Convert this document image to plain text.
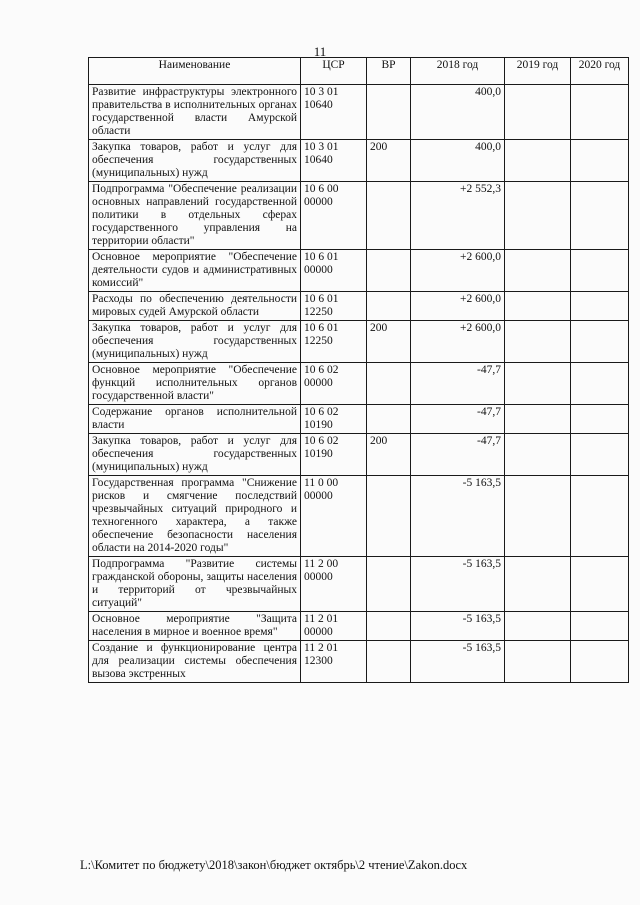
11
Наименование	ЦСР	ВР	2018 год	2019 год	2020 год
Развитие инфраструктуры электронного правительства в исполнительных органах государственной власти Амурской области	10 3 01 10640		400,0		
Закупка товаров, работ и услуг для обеспечения государственных (муниципальных) нужд	10 3 01 10640	200	400,0		
Подпрограмма "Обеспечение реализации основных направлений государственной политики в отдельных сферах государственного управления на территории области"	10 6 00 00000		+2 552,3		
Основное мероприятие "Обеспечение деятельности судов и административных комиссий"	10 6 01 00000		+2 600,0		
Расходы по обеспечению деятельности мировых судей Амурской области	10 6 01 12250		+2 600,0		
Закупка товаров, работ и услуг для обеспечения государственных (муниципальных) нужд	10 6 01 12250	200	+2 600,0		
Основное мероприятие "Обеспечение функций исполнительных органов государственной власти"	10 6 02 00000		-47,7		
Содержание органов исполнительной власти	10 6 02 10190		-47,7		
Закупка товаров, работ и услуг для обеспечения государственных (муниципальных) нужд	10 6 02 10190	200	-47,7		
Государственная программа "Снижение рисков и смягчение последствий чрезвычайных ситуаций природного и техногенного характера, а также обеспечение безопасности населения области на 2014-2020 годы"	11 0 00 00000		-5 163,5		
Подпрограмма "Развитие системы гражданской обороны, защиты населения и территорий от чрезвычайных ситуаций"	11 2 00 00000		-5 163,5		
Основное мероприятие "Защита населения в мирное и военное время"	11 2 01 00000		-5 163,5		
Создание и функционирование центра для реализации системы обеспечения вызова экстренных	11 2 01 12300		-5 163,5		
L:\Комитет по бюджету\2018\закон\бюджет октябрь\2 чтение\Zakon.docx
